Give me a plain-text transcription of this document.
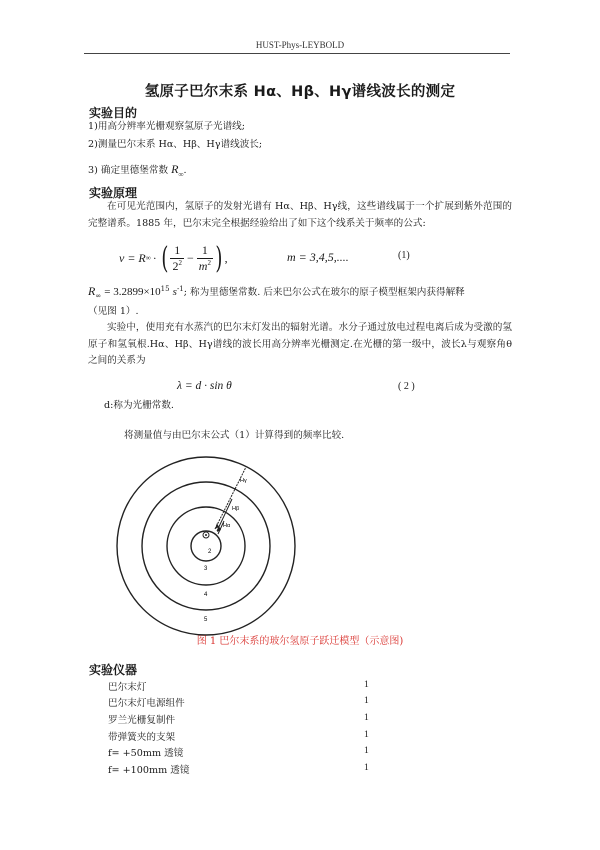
HUST-Phys-LEYBOLD
氢原子巴尔末系 Hα、Hβ、Hγ谱线波长的测定
实验目的
1)用高分辨率光栅观察氢原子光谱线;
2)测量巴尔末系 Hα、Hβ、Hγ谱线波长;
3) 确定里德堡常数 $R_\infty$.
实验原理
在可见光范围内，氢原子的发射光谱有 Hα、Hβ、Hγ线，这些谱线属于一个扩展到紫外范围的完整谱系。1885 年，巴尔末完全根据经验给出了如下这个线系关于频率的公式:
ν = R ∞ · ( $\frac{1}{2^2} - \frac{1}{m^2}$ ) ,	m = 3,4,5,....	(1)
$R_\infty = 3.2899\times 10^{15}$ $s^{-1}$; 称为里德堡常数. 后来巴尔公式在玻尔的原子模型框架内获得解释
（见图 1）.
实验中，使用充有水蒸汽的巴尔末灯发出的辐射光谱。水分子通过放电过程电离后成为受激的氢原子和氢氧根.Hα、Hβ、Hγ谱线的波长用高分辨率光栅测定.在光栅的第一级中，波长λ与观察角θ之间的关系为
λ = d · sin θ	( 2 )
d:称为光栅常数.
将测量值与由巴尔末公式（1）计算得到的频率比较.
2
3
4
5
Hγ
Hβ
Hα
图 1 巴尔末系的玻尔氢原子跃迁模型（示意图)
实验仪器
巴尔末灯	1
巴尔末灯电源组件	1
罗兰光栅复制件	1
带弹簧夹的支架	1
f= +50mm 透镜	1
f= +100mm 透镜	1
